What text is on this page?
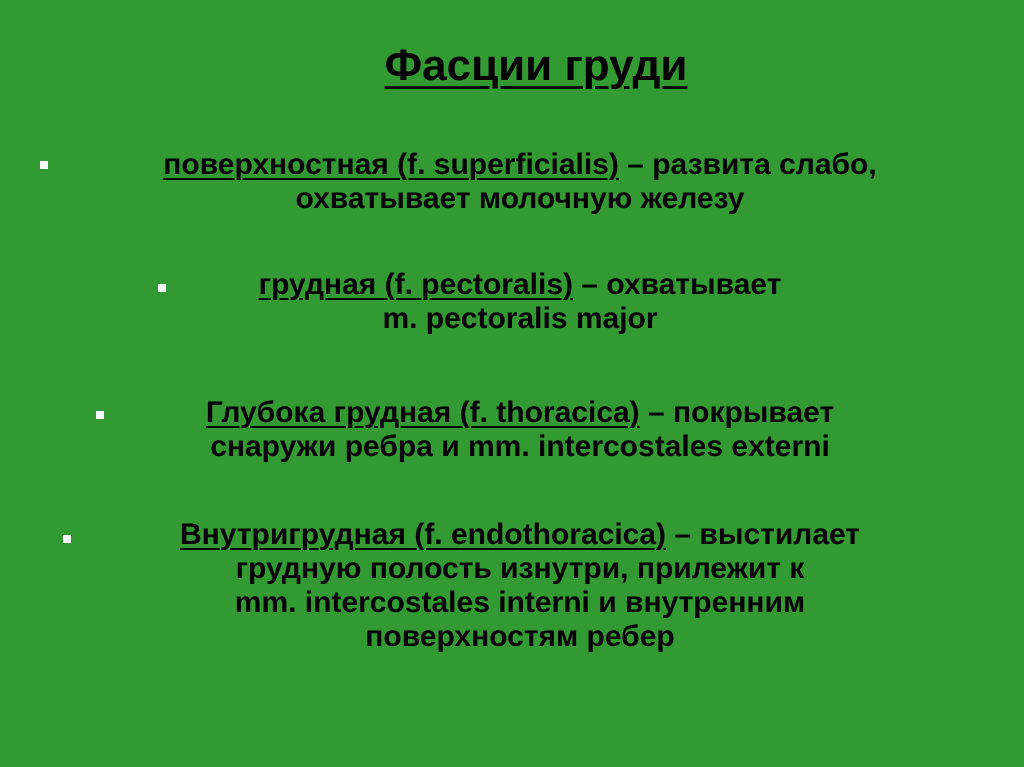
Фасции груди
поверхностная (f. superficialis) – развита слабо,
охватывает молочную железу
грудная (f. pectoralis) – охватывает
m. pectoralis major
Глубока грудная (f. thoracica) – покрывает
снаружи ребра и mm. intercostales externi
Внутригрудная (f. endothoracica) – выстилает
грудную полость изнутри, прилежит к
mm. intercostales interni и внутренним
поверхностям ребер
